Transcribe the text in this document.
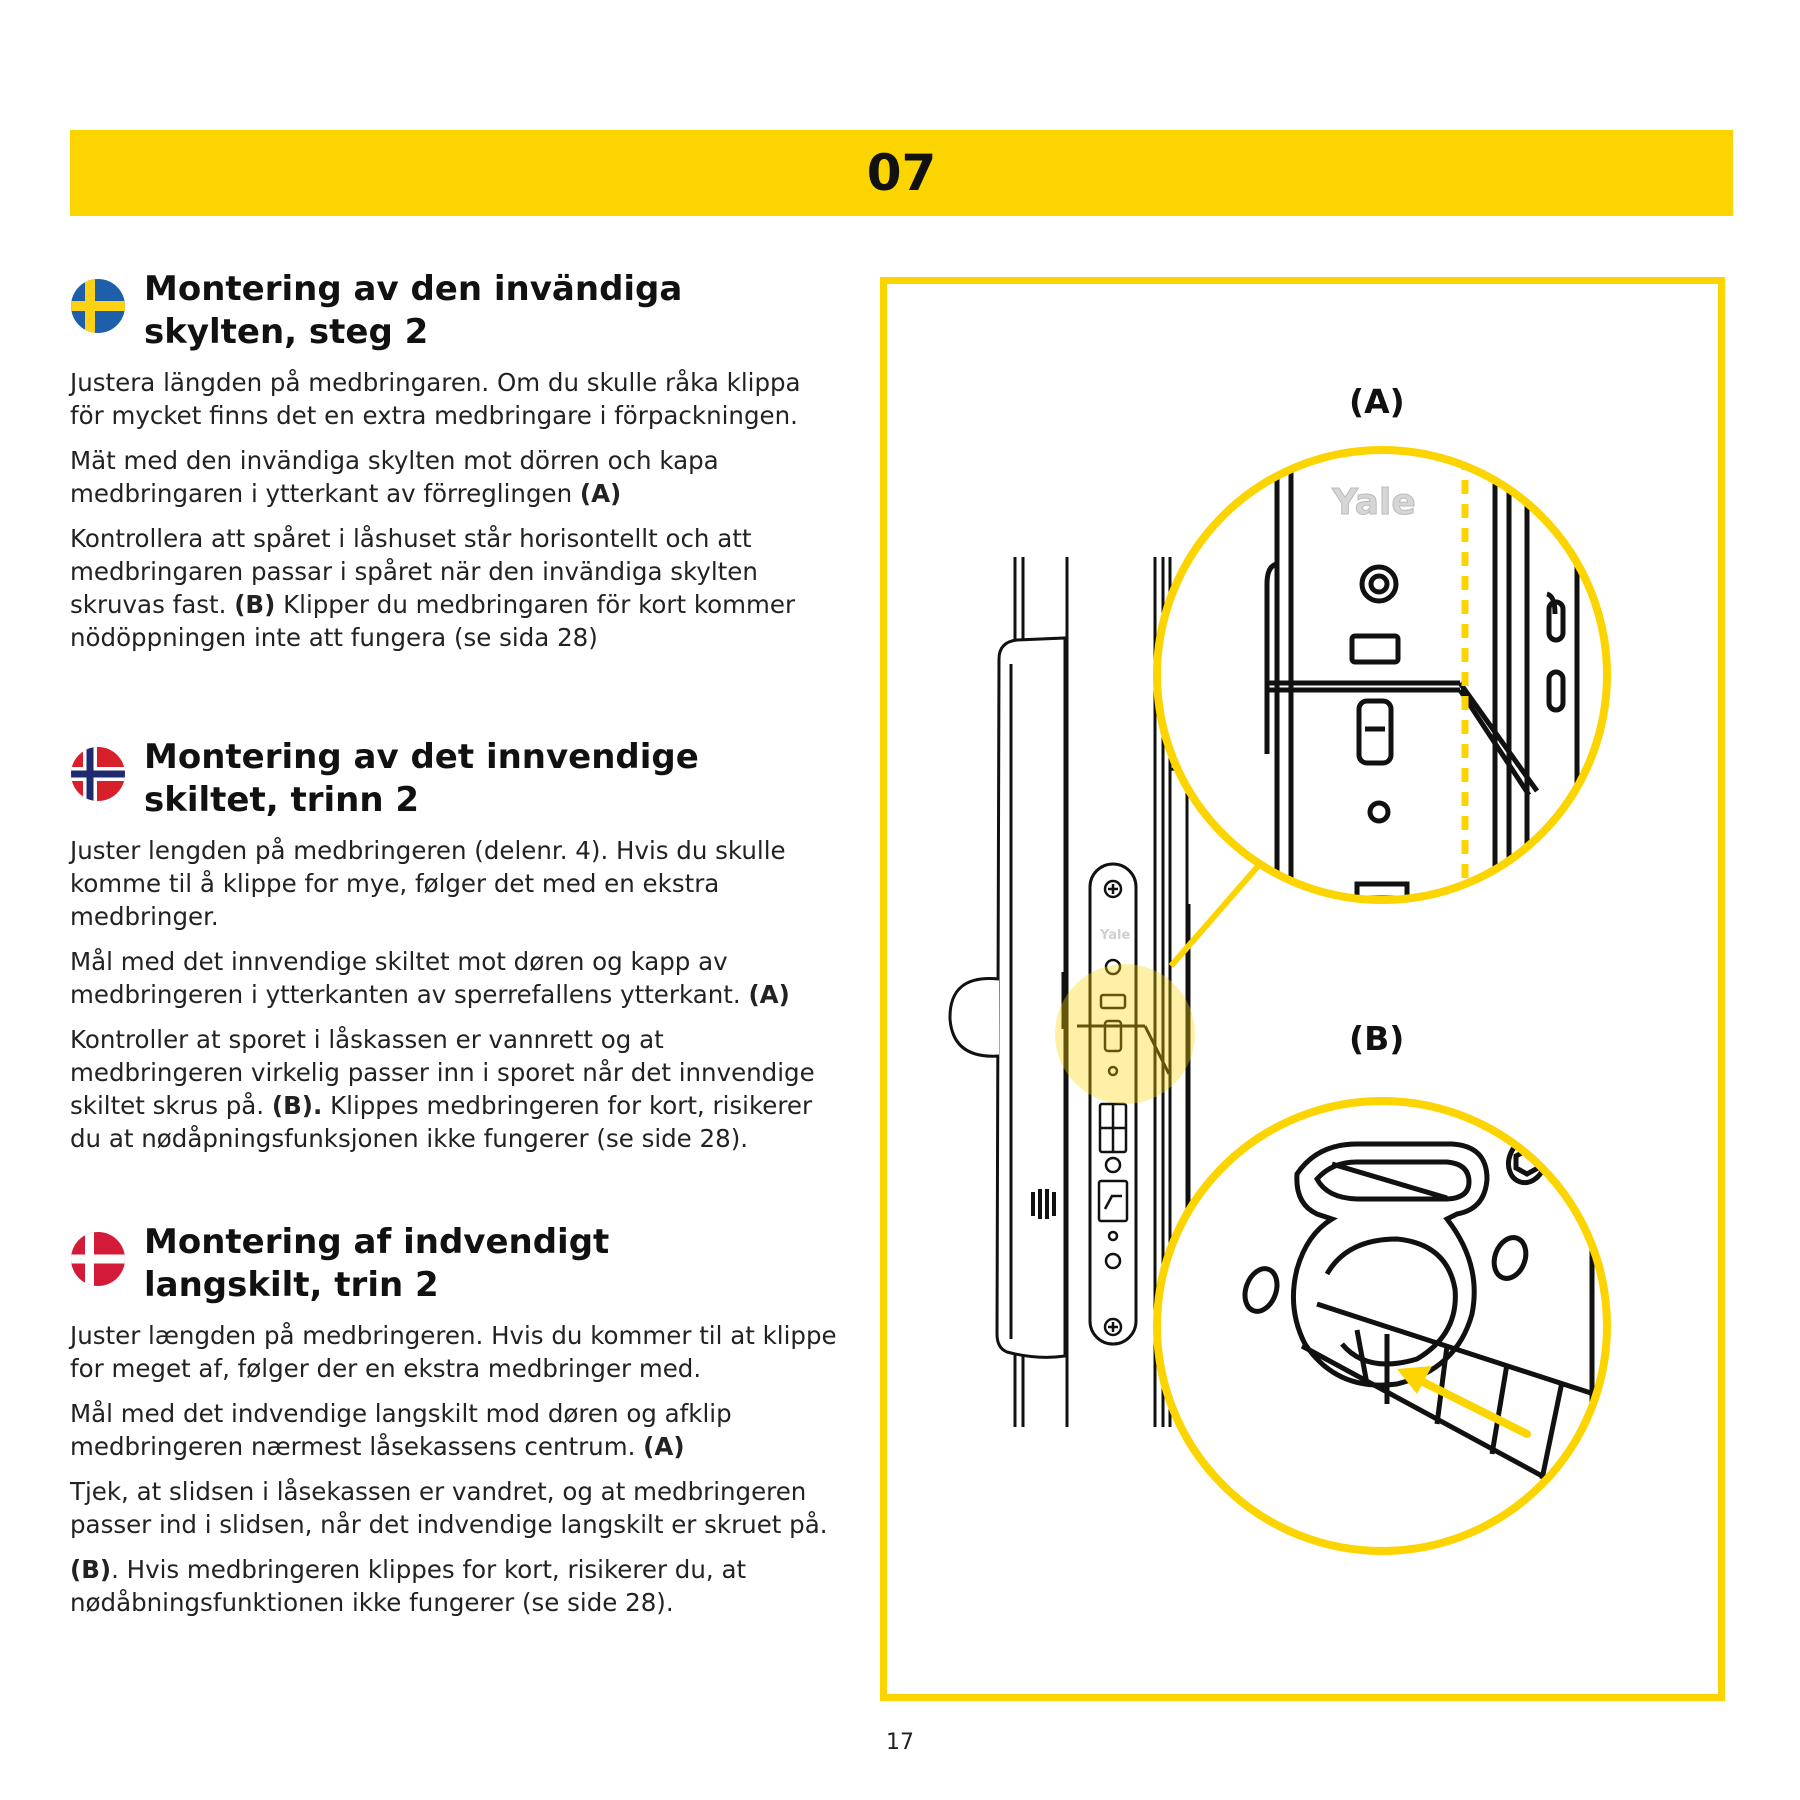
07
Montering av den invändiga skylten, steg 2

Justera längden på medbringaren. Om du skulle råka klippa för mycket finns det en extra medbringare i förpackningen.

Mät med den invändiga skylten mot dörren och kapa medbringaren i ytterkant av förreglingen (A)

Kontrollera att spåret i låshuset står horisontellt och att medbringaren passar i spåret när den invändiga skylten skruvas fast. (B) Klipper du medbringaren för kort kommer nödöppningen inte att fungera (se sida 28)

Montering av det innvendige skiltet, trinn 2

Juster lengden på medbringeren (delenr. 4). Hvis du skulle komme til å klippe for mye, følger det med en ekstra medbringer.

Mål med det innvendige skiltet mot døren og kapp av medbringeren i ytterkanten av sperrefallens ytterkant. (A)

Kontroller at sporet i låskassen er vannrett og at medbringeren virkelig passer inn i sporet når det innvendige skiltet skrus på. (B). Klippes medbringeren for kort, risikerer du at nødåpningsfunksjonen ikke fungerer (se side 28).

Montering af indvendigt langskilt, trin 2

Juster længden på medbringeren. Hvis du kommer til at klippe for meget af, følger der en ekstra medbringer med.

Mål med det indvendige langskilt mod døren og afklip medbringeren nærmest låsekassens centrum. (A)

Tjek, at slidsen i låsekassen er vandret, og at medbringeren passer ind i slidsen, når det indvendige langskilt er skruet på.

(B). Hvis medbringeren klippes for kort, risikerer du, at nødåbningsfunktionen ikke fungerer (se side 28).

Yale
Yale
(A)
(B)
17
